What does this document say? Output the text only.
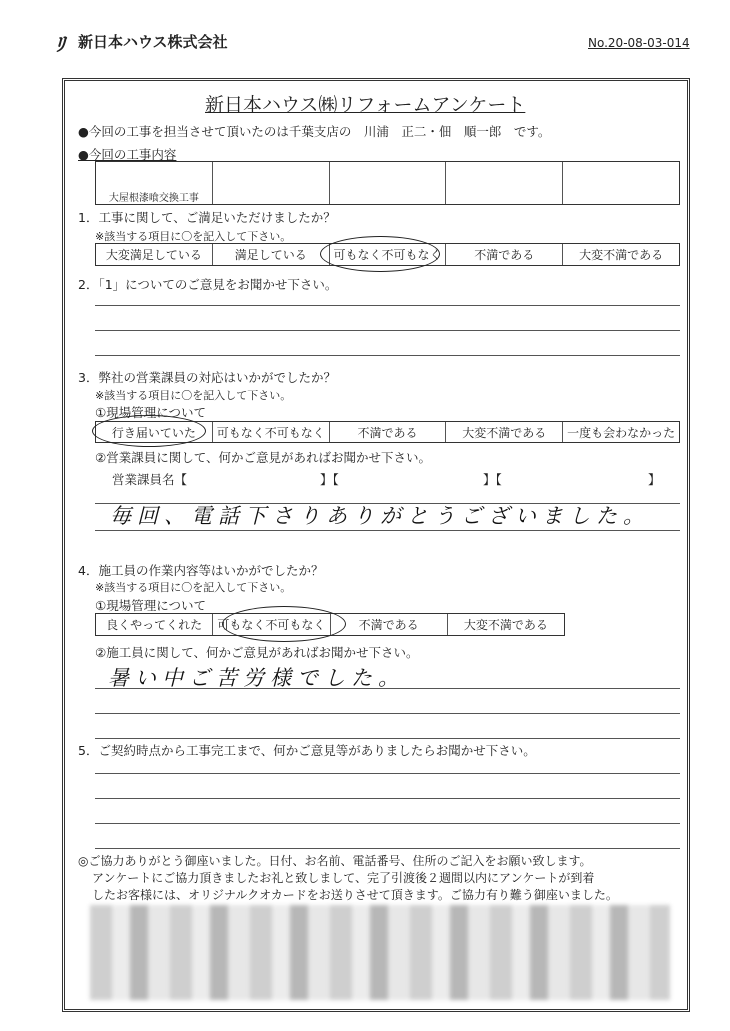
ﾘ 新日本ハウス株式会社	No.20-08-03-014
新日本ハウス㈱リフォームアンケート
●今回の工事を担当させて頂いたのは千葉支店の　川浦　正二・佃　順一郎　です。
●今回の工事内容
大屋根漆喰交換工事
1．工事に関して、ご満足いただけましたか？
※該当する項目に〇を記入して下さい。
大変満足している	満足している	可もなく不可もなく	不満である	大変不満である
2．「1」についてのご意見をお聞かせ下さい。
3．弊社の営業課員の対応はいかがでしたか？
※該当する項目に〇を記入して下さい。
①現場管理について
行き届いていた	可もなく不可もなく	不満である	大変不満である	一度も会わなかった
②営業課員に関して、何かご意見があればお聞かせ下さい。
営業課員名【	】【	】【	】
毎回、電話下さりありがとうございました。
4．施工員の作業内容等はいかがでしたか？
※該当する項目に〇を記入して下さい。
①現場管理について
良くやってくれた	可もなく不可もなく	不満である	大変不満である
②施工員に関して、何かご意見があればお聞かせ下さい。
暑い中ご苦労様でした。
5．ご契約時点から工事完工まで、何かご意見等がありましたらお聞かせ下さい。
◎ご協力ありがとう御座いました。日付、お名前、電話番号、住所のご記入をお願い致します。
アンケートにご協力頂きましたお礼と致しまして、完了引渡後２週間以内にアンケートが到着
したお客様には、オリジナルクオカードをお送りさせて頂きます。ご協力有り難う御座いました。
